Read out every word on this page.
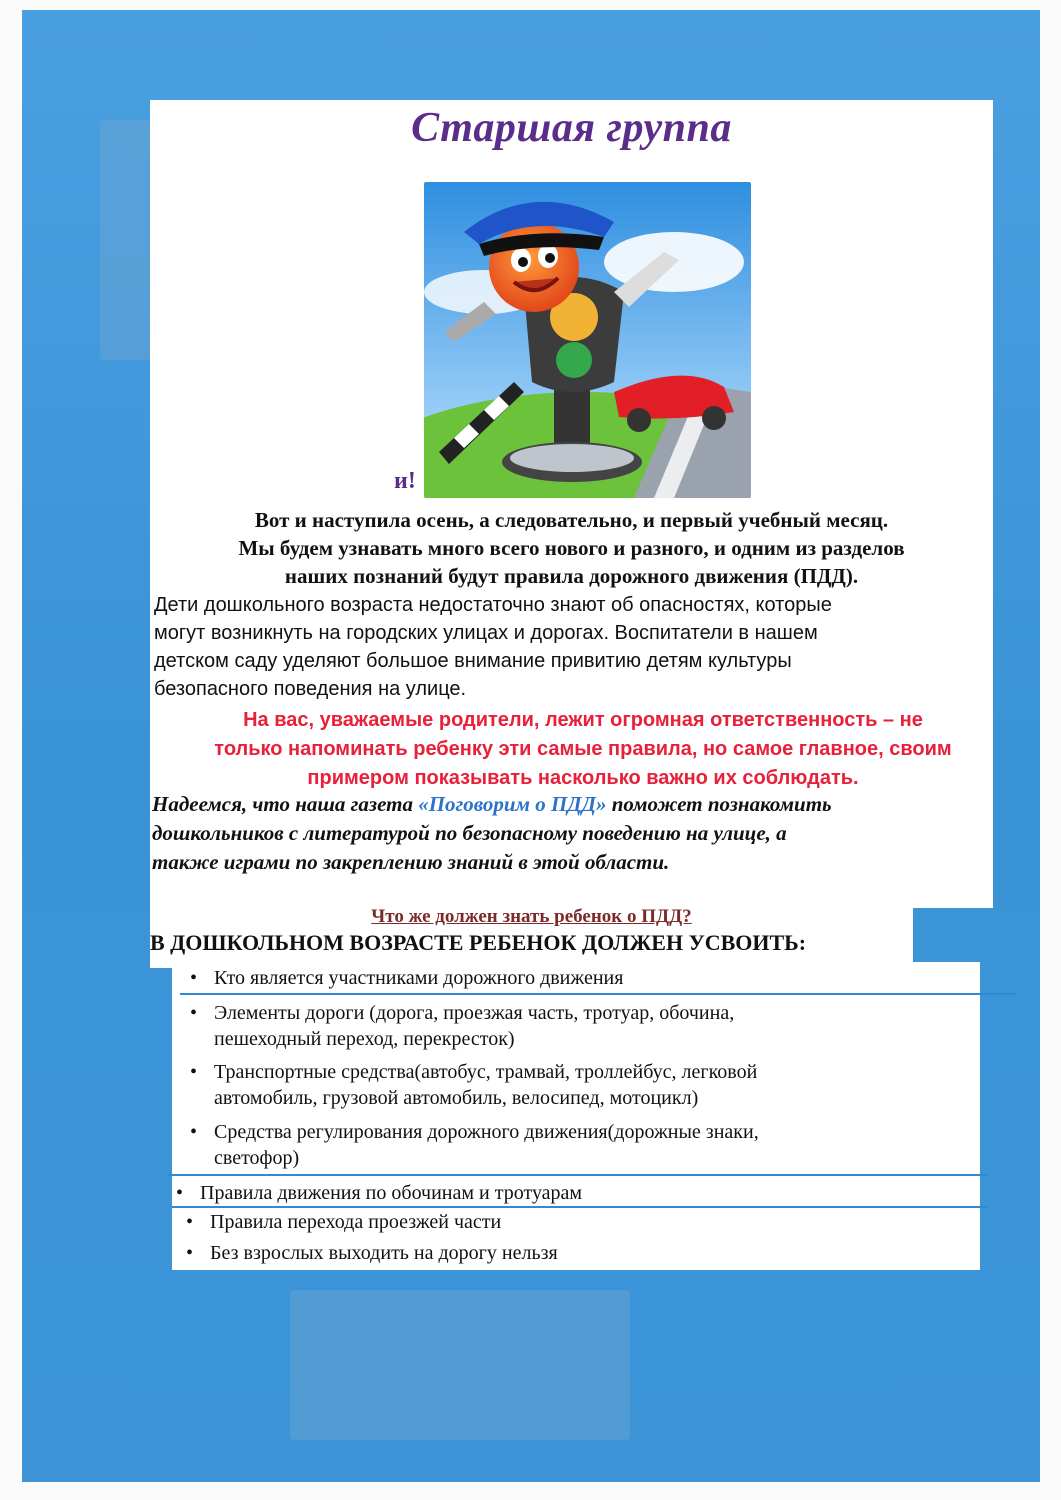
Старшая группа
и!
Вот и наступила осень, а следовательно, и первый учебный месяц.
Мы будем узнавать много всего нового и разного, и одним из разделов
наших познаний будут правила дорожного движения (ПДД).
Дети дошкольного возраста недостаточно знают об опасностях, которые
могут возникнуть на городских улицах и дорогах. Воспитатели в нашем
детском саду уделяют большое внимание привитию детям культуры
безопасного поведения на улице.
На вас, уважаемые родители, лежит огромная ответственность – не
только напоминать ребенку эти самые правила, но самое главное, своим
примером показывать насколько важно их соблюдать.
Надеемся, что наша газета «Поговорим о ПДД» поможет познакомить
дошкольников с литературой по безопасному поведению на улице, а
также играми по закреплению знаний в этой области.
Что же должен знать ребенок о ПДД?
В ДОШКОЛЬНОМ ВОЗРАСТЕ РЕБЕНОК ДОЛЖЕН УСВОИТЬ:
• Кто является участниками дорожного движения
• Элементы дороги (дорога, проезжая часть, тротуар, обочина,
пешеходный переход, перекресток)
• Транспортные средства(автобус, трамвай, троллейбус, легковой
автомобиль, грузовой автомобиль, велосипед, мотоцикл)
• Средства регулирования дорожного движения(дорожные знаки,
светофор)
• Правила движения по обочинам и тротуарам
• Правила перехода проезжей части
• Без взрослых выходить на дорогу нельзя
